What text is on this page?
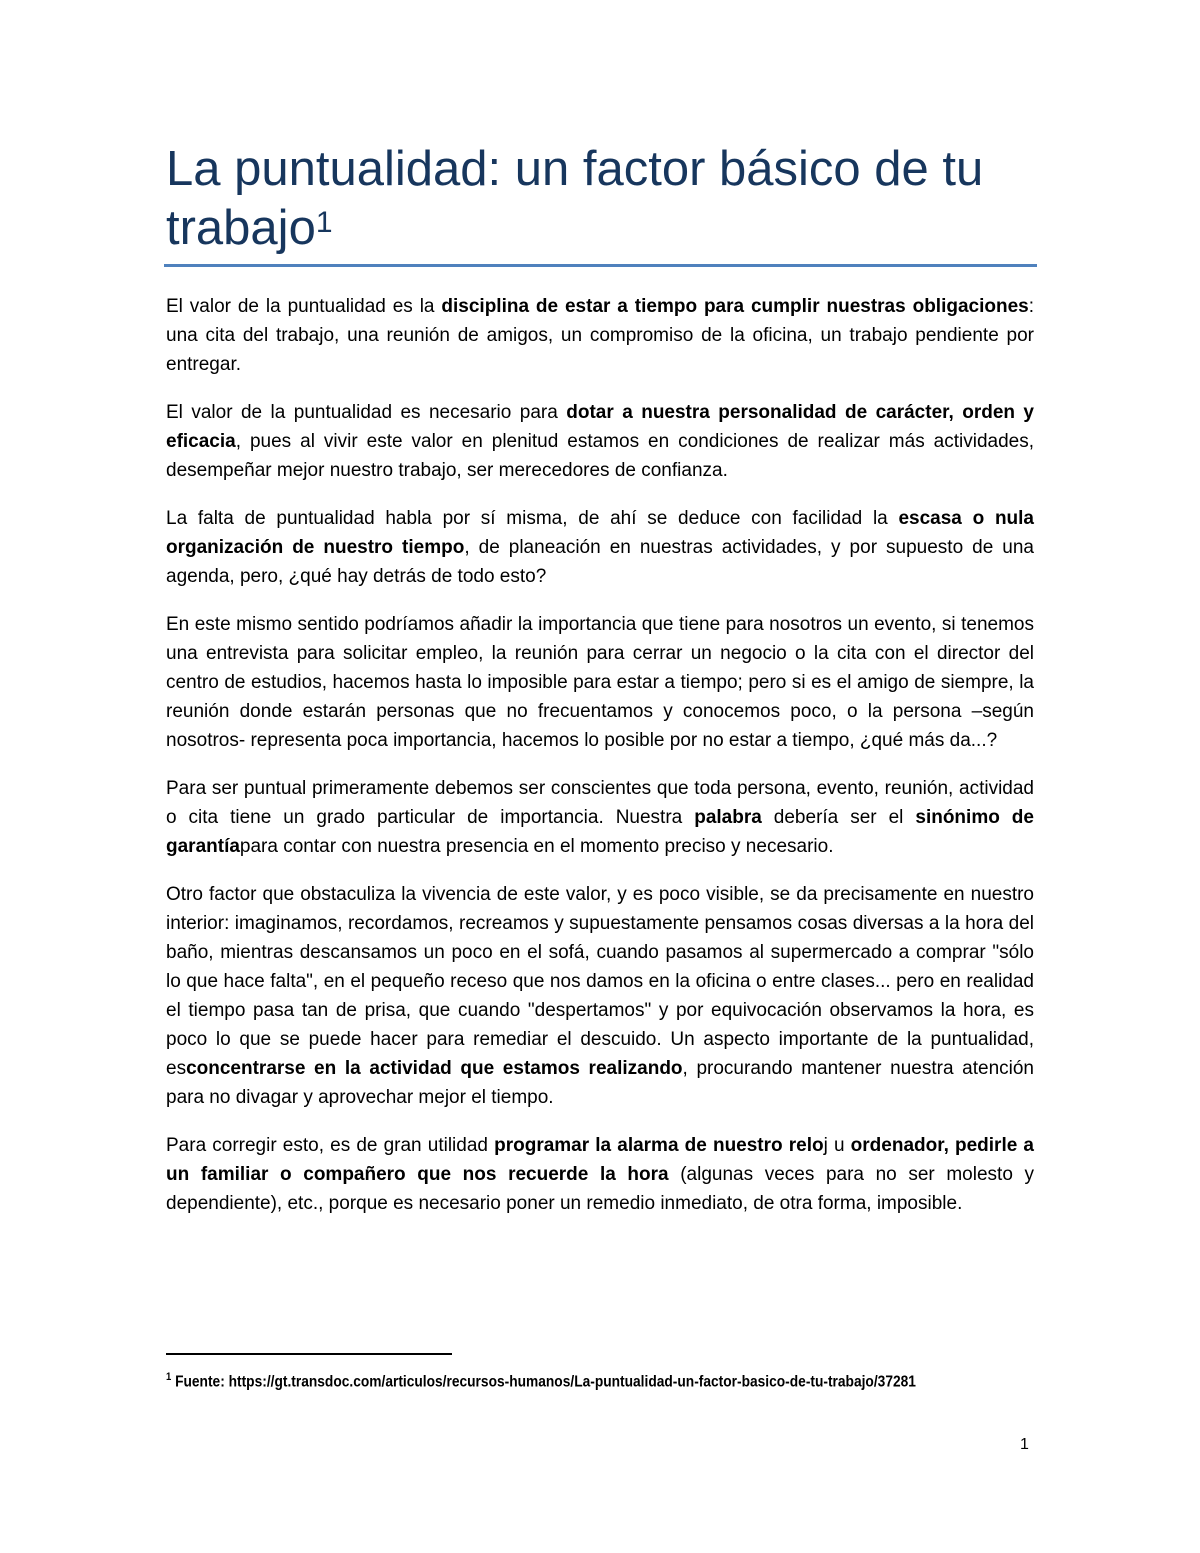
La puntualidad: un factor básico de tu trabajo$^1$

El valor de la puntualidad es la disciplina de estar a tiempo para cumplir nuestras obligaciones: una cita del trabajo, una reunión de amigos, un compromiso de la oficina, un trabajo pendiente por entregar.

El valor de la puntualidad es necesario para dotar a nuestra personalidad de carácter, orden y eficacia, pues al vivir este valor en plenitud estamos en condiciones de realizar más actividades, desempeñar mejor nuestro trabajo, ser merecedores de confianza.

La falta de puntualidad habla por sí misma, de ahí se deduce con facilidad la escasa o nula organización de nuestro tiempo, de planeación en nuestras actividades, y por supuesto de una agenda, pero, ¿qué hay detrás de todo esto?

En este mismo sentido podríamos añadir la importancia que tiene para nosotros un evento, si tenemos una entrevista para solicitar empleo, la reunión para cerrar un negocio o la cita con el director del centro de estudios, hacemos hasta lo imposible para estar a tiempo; pero si es el amigo de siempre, la reunión donde estarán personas que no frecuentamos y conocemos poco, o la persona –según nosotros- representa poca importancia, hacemos lo posible por no estar a tiempo, ¿qué más da...?

Para ser puntual primeramente debemos ser conscientes que toda persona, evento, reunión, actividad o cita tiene un grado particular de importancia. Nuestra palabra debería ser el sinónimo de garantíapara contar con nuestra presencia en el momento preciso y necesario.

Otro factor que obstaculiza la vivencia de este valor, y es poco visible, se da precisamente en nuestro interior: imaginamos, recordamos, recreamos y supuestamente pensamos cosas diversas a la hora del baño, mientras descansamos un poco en el sofá, cuando pasamos al supermercado a comprar "sólo lo que hace falta", en el pequeño receso que nos damos en la oficina o entre clases... pero en realidad el tiempo pasa tan de prisa, que cuando "despertamos" y por equivocación observamos la hora, es poco lo que se puede hacer para remediar el descuido. Un aspecto importante de la puntualidad, esconcentrarse en la actividad que estamos realizando, procurando mantener nuestra atención para no divagar y aprovechar mejor el tiempo.

Para corregir esto, es de gran utilidad programar la alarma de nuestro reloj u ordenador, pedirle a un familiar o compañero que nos recuerde la hora (algunas veces para no ser molesto y dependiente), etc., porque es necesario poner un remedio inmediato, de otra forma, imposible.

$^1$ Fuente: https://gt.transdoc.com/articulos/recursos-humanos/La-puntualidad-un-factor-basico-de-tu-trabajo/37281
1
